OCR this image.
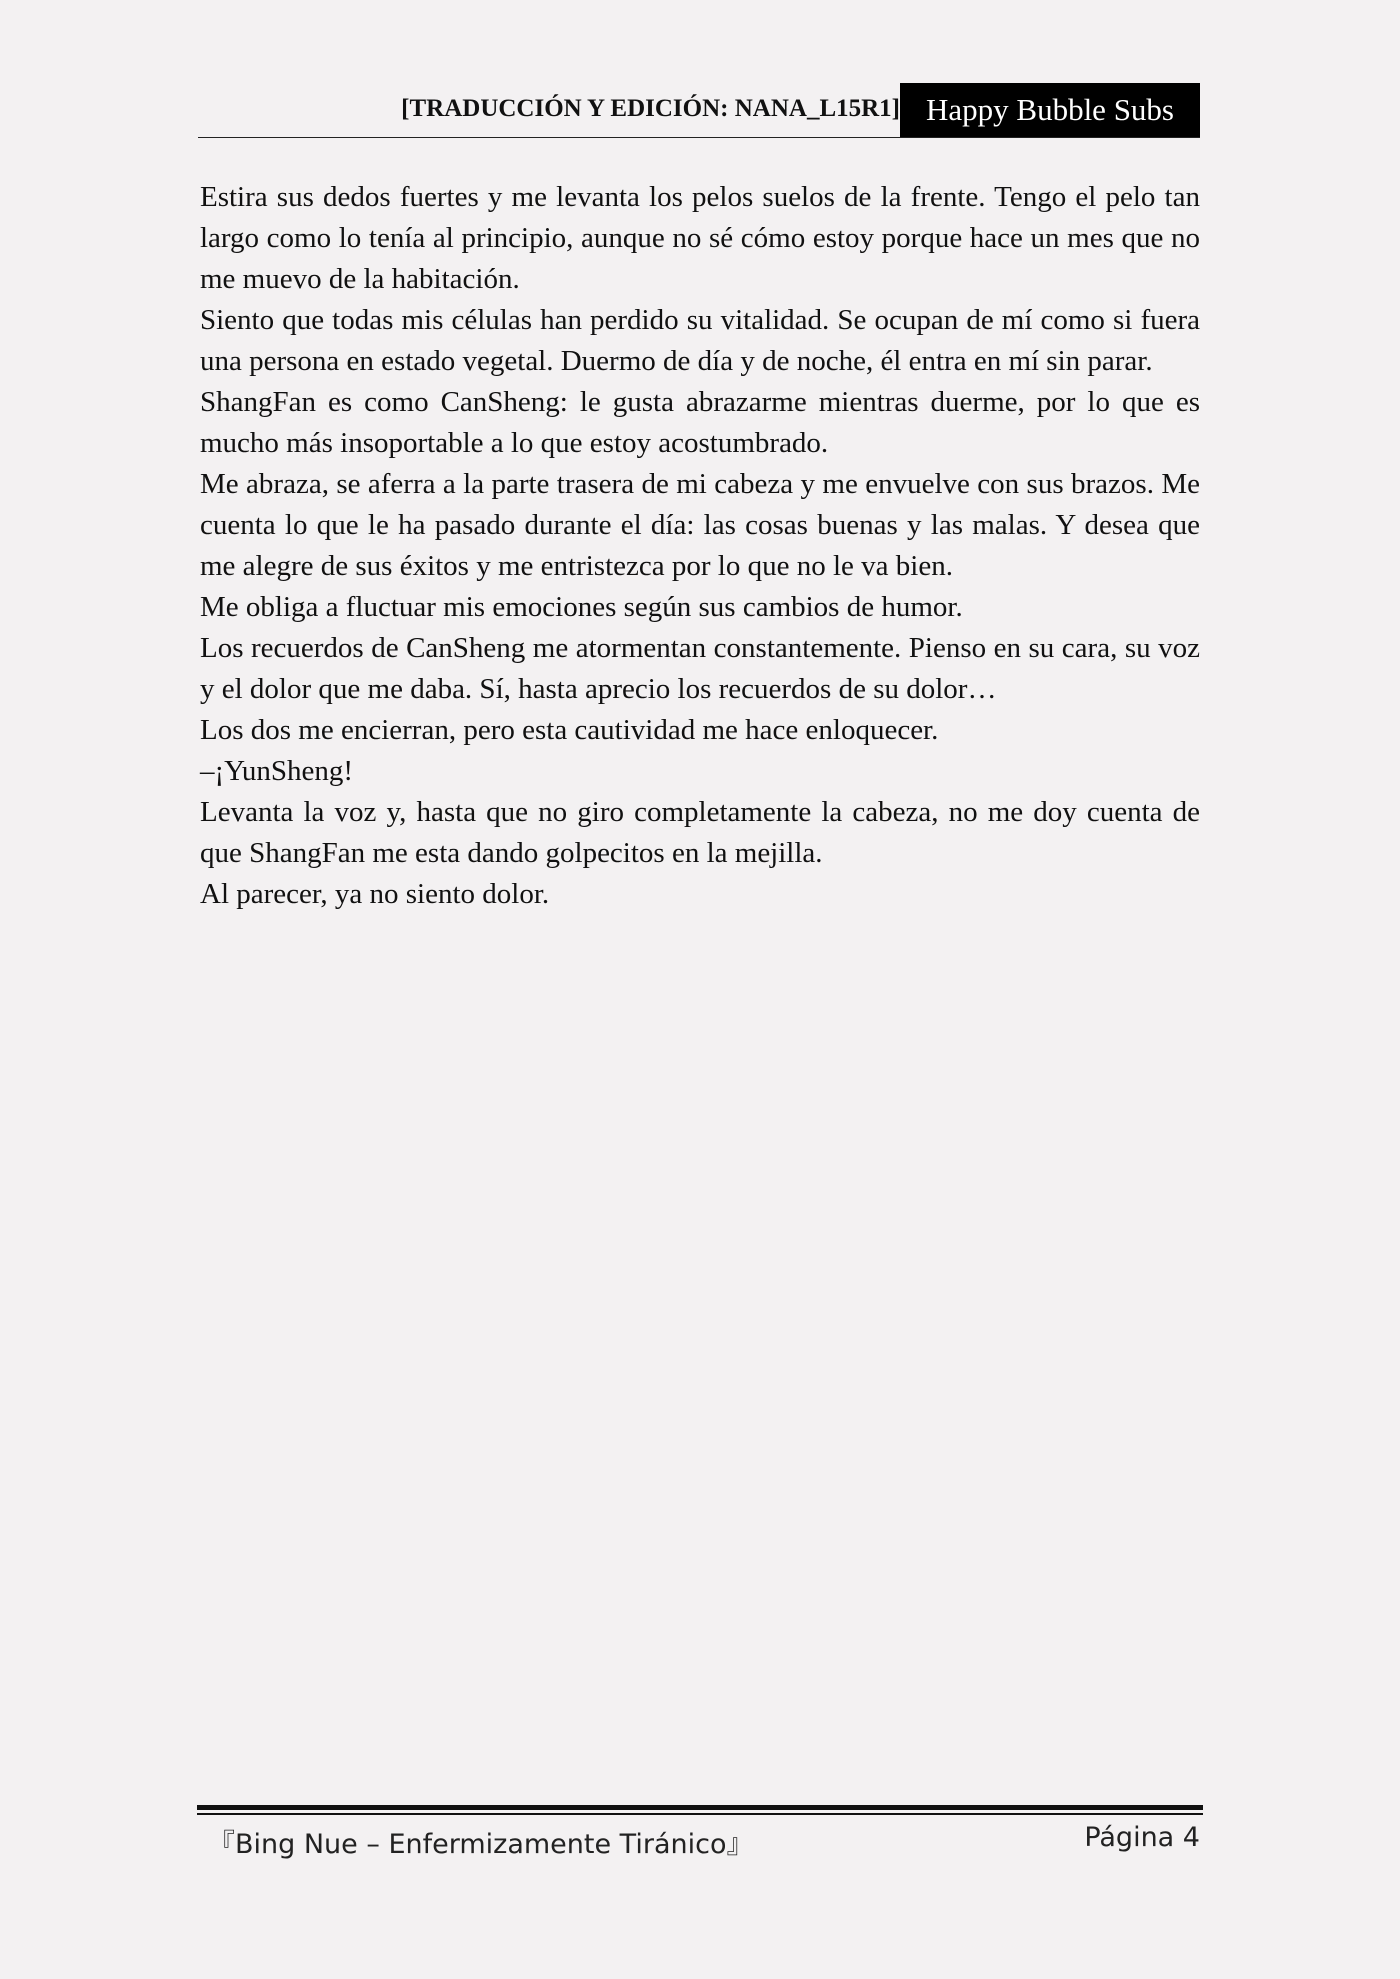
[TRADUCCIÓN Y EDICIÓN: NANA_L15R1] Happy Bubble Subs

Estira sus dedos fuertes y me levanta los pelos suelos de la frente. Tengo el pelo tan largo como lo tenía al principio, aunque no sé cómo estoy porque hace un mes que no me muevo de la habitación.

Siento que todas mis células han perdido su vitalidad. Se ocupan de mí como si fuera una persona en estado vegetal. Duermo de día y de noche, él entra en mí sin parar.

ShangFan es como CanSheng: le gusta abrazarme mientras duerme, por lo que es mucho más insoportable a lo que estoy acostumbrado.

Me abraza, se aferra a la parte trasera de mi cabeza y me envuelve con sus brazos. Me cuenta lo que le ha pasado durante el día: las cosas buenas y las malas. Y desea que me alegre de sus éxitos y me entristezca por lo que no le va bien.

Me obliga a fluctuar mis emociones según sus cambios de humor.

Los recuerdos de CanSheng me atormentan constantemente. Pienso en su cara, su voz y el dolor que me daba. Sí, hasta aprecio los recuerdos de su dolor…

Los dos me encierran, pero esta cautividad me hace enloquecer.

–¡YunSheng!

Levanta la voz y, hasta que no giro completamente la cabeza, no me doy cuenta de que ShangFan me esta dando golpecitos en la mejilla.

Al parecer, ya no siento dolor.

『Bing Nue – Enfermizamente Tiránico』	Página 4
